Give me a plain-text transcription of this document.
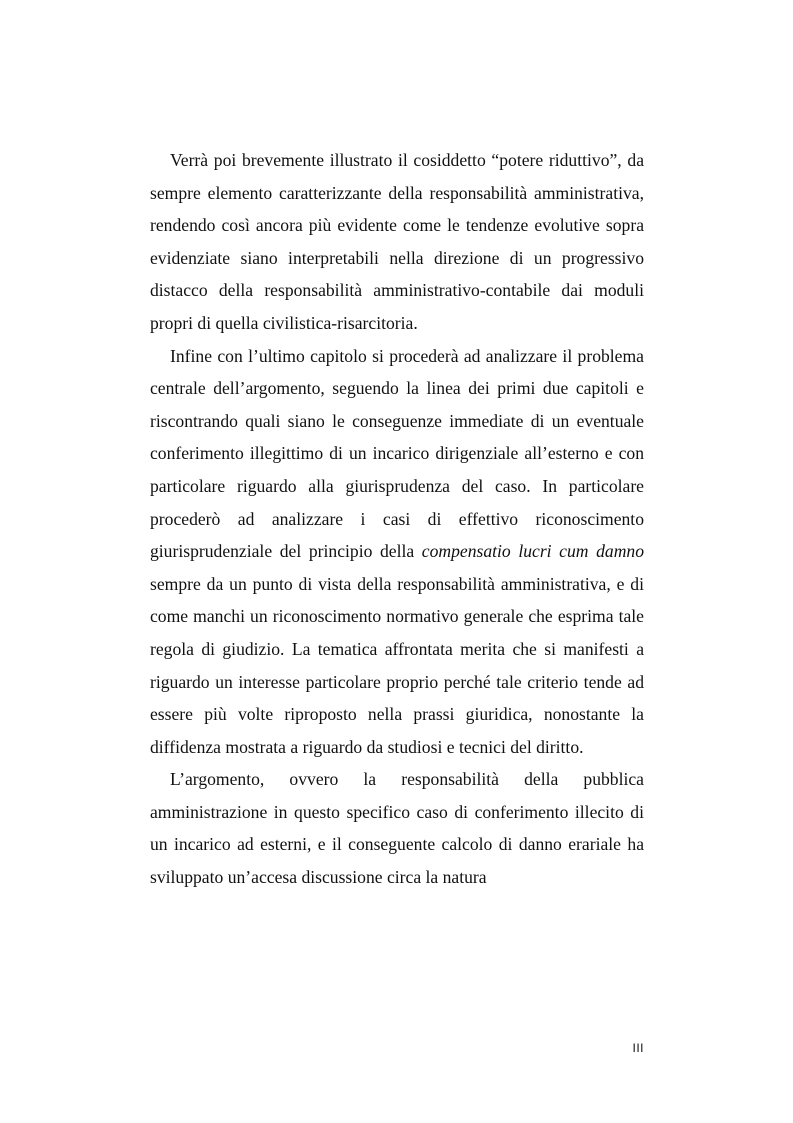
Verrà poi brevemente illustrato il cosiddetto “potere riduttivo”, da sempre elemento caratterizzante della responsabilità amministrativa, rendendo così ancora più evidente come le tendenze evolutive sopra evidenziate siano interpretabili nella direzione di un progressivo distacco della responsabilità amministrativo-contabile dai moduli propri di quella civilistica-risarcitoria.

Infine con l’ultimo capitolo si procederà ad analizzare il problema centrale dell’argomento, seguendo la linea dei primi due capitoli e riscontrando quali siano le conseguenze immediate di un eventuale conferimento illegittimo di un incarico dirigenziale all’esterno e con particolare riguardo alla giurisprudenza del caso. In particolare procederò ad analizzare i casi di effettivo riconoscimento giurisprudenziale del principio della compensatio lucri cum damno sempre da un punto di vista della responsabilità amministrativa, e di come manchi un riconoscimento normativo generale che esprima tale regola di giudizio. La tematica affrontata merita che si manifesti a riguardo un interesse particolare proprio perché tale criterio tende ad essere più volte riproposto nella prassi giuridica, nonostante la diffidenza mostrata a riguardo da studiosi e tecnici del diritto.

L’argomento, ovvero la responsabilità della pubblica amministrazione in questo specifico caso di conferimento illecito di un incarico ad esterni, e il conseguente calcolo di danno erariale ha sviluppato un’accesa discussione circa la natura

III
